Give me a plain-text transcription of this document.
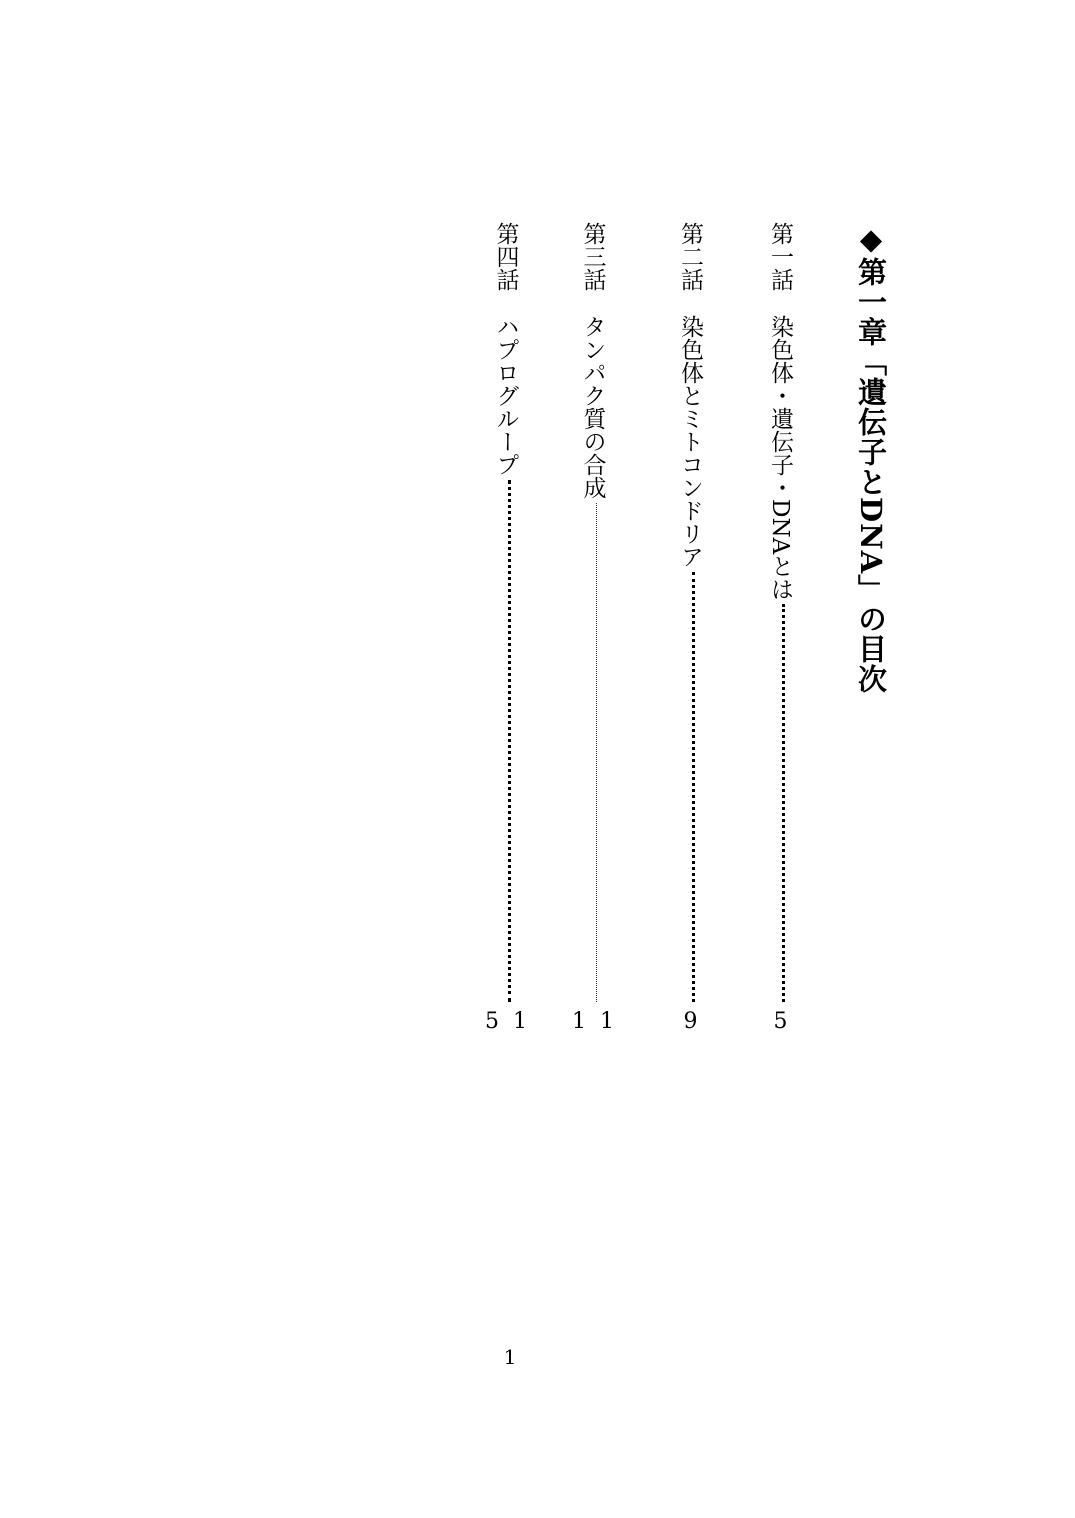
◆第一章「遺伝子とDNA」の目次
第一話
染色体・遺伝子・DNAとは
5
第二話
染色体とミトコンドリア
9
第三話
タンパク質の合成
1
1
第四話
ハプログループ
1
5
1
